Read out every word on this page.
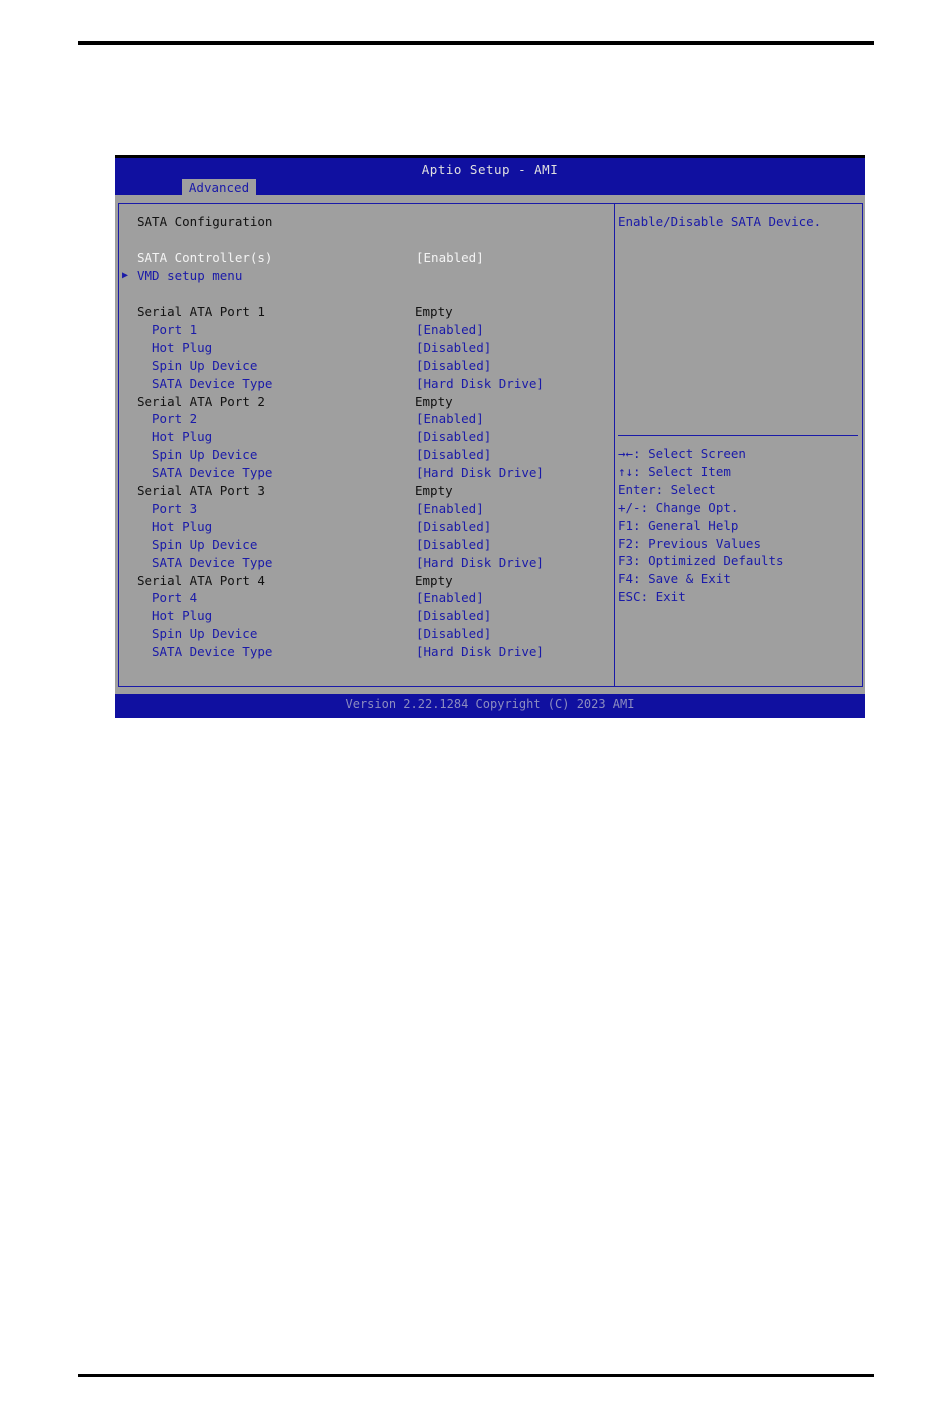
Aptio Setup - AMI
Advanced
SATA Configuration
SATA Controller(s)	[Enabled]
▶ VMD setup menu
Serial ATA Port 1	Empty
Port 1	[Enabled]
Hot Plug	[Disabled]
Spin Up Device	[Disabled]
SATA Device Type	[Hard Disk Drive]
Serial ATA Port 2	Empty
Port 2	[Enabled]
Hot Plug	[Disabled]
Spin Up Device	[Disabled]
SATA Device Type	[Hard Disk Drive]
Serial ATA Port 3	Empty
Port 3	[Enabled]
Hot Plug	[Disabled]
Spin Up Device	[Disabled]
SATA Device Type	[Hard Disk Drive]
Serial ATA Port 4	Empty
Port 4	[Enabled]
Hot Plug	[Disabled]
Spin Up Device	[Disabled]
SATA Device Type	[Hard Disk Drive]
Enable/Disable SATA Device.
→←: Select Screen
↑↓: Select Item
Enter: Select
+/-: Change Opt.
F1: General Help
F2: Previous Values
F3: Optimized Defaults
F4: Save & Exit
ESC: Exit
Version 2.22.1284 Copyright (C) 2023 AMI
